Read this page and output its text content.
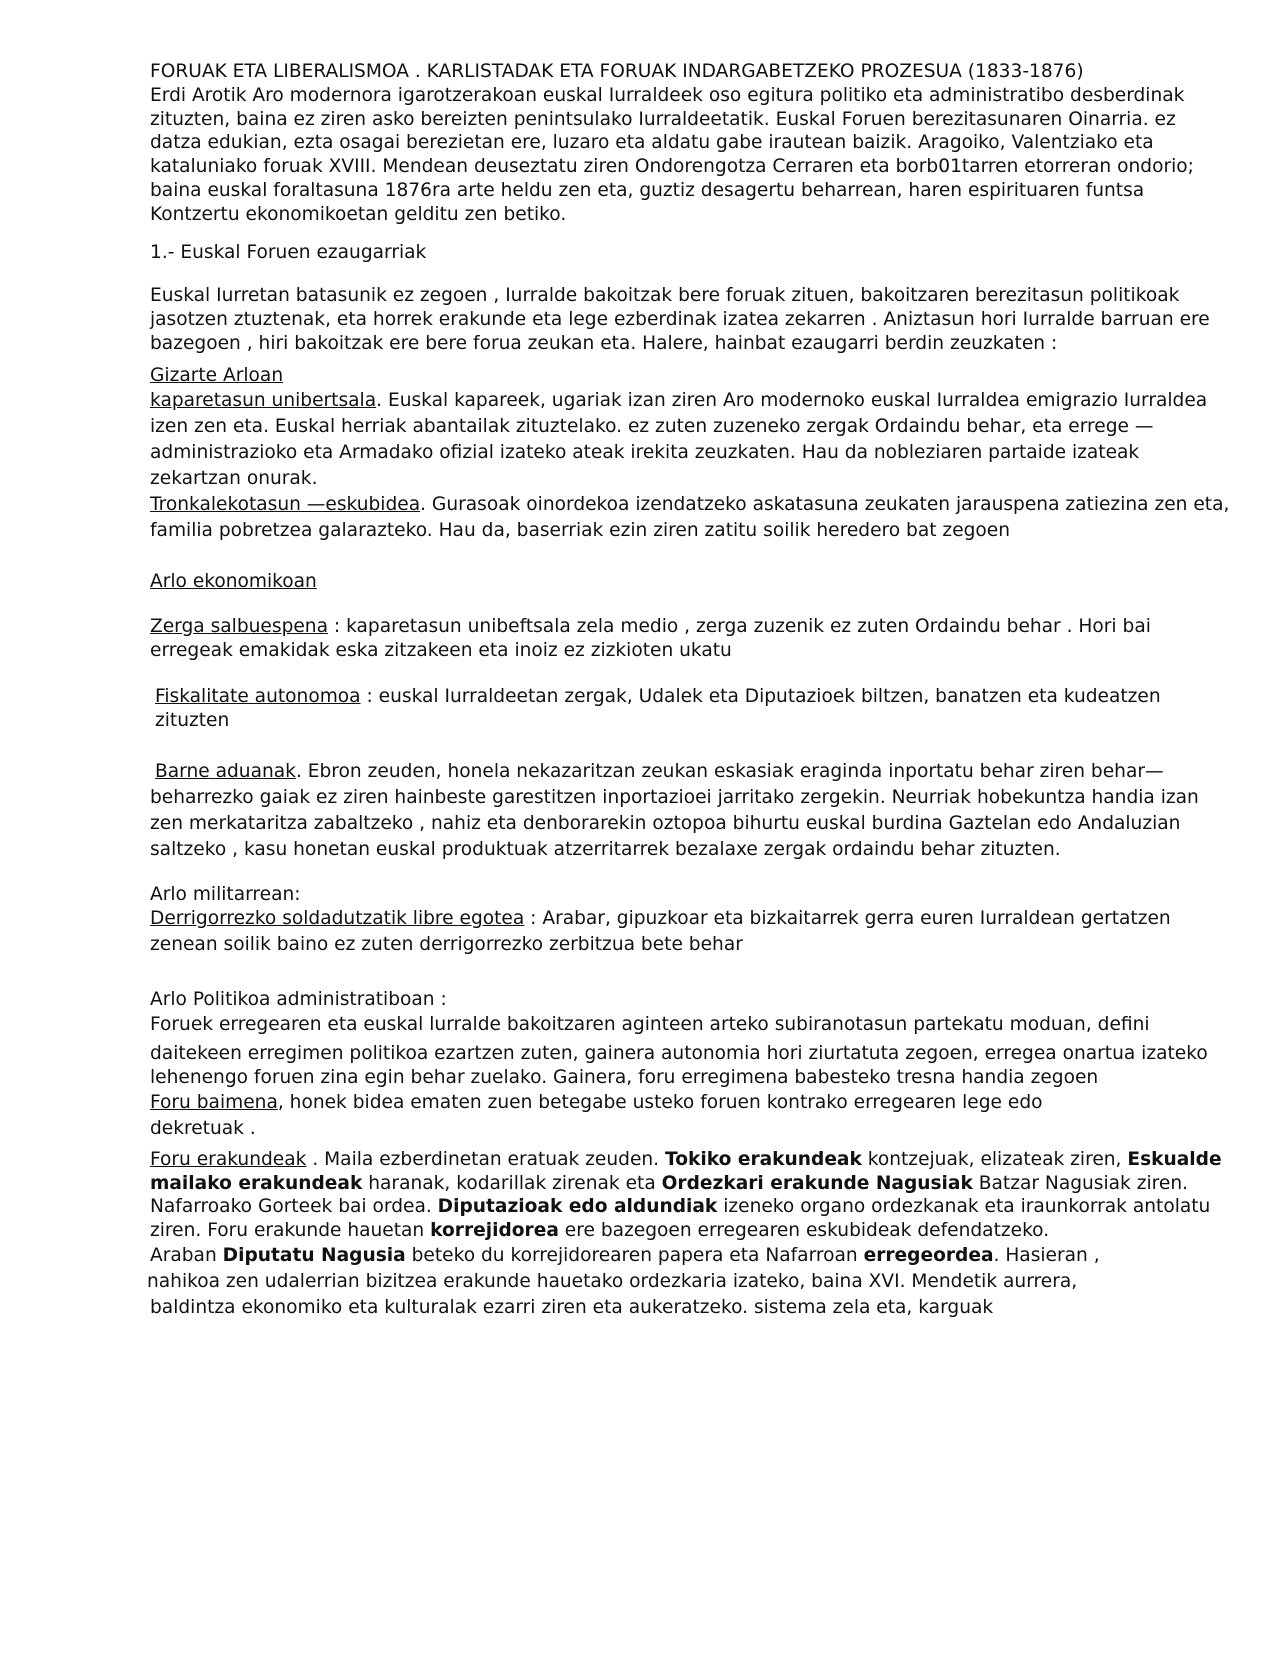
FORUAK ETA LIBERALISMOA . KARLISTADAK ETA FORUAK INDARGABETZEKO PROZESUA (1833-1876)

Erdi Arotik Aro modernora igarotzerakoan euskal Iurraldeek oso egitura politiko eta administratibo desberdinak zituzten, baina ez ziren asko bereizten penintsulako Iurraldeetatik. Euskal Foruen berezitasunaren Oinarria. ez datza edukian, ezta osagai berezietan ere, luzaro eta aldatu gabe irautean baizik. Aragoiko, Valentziako eta kataluniako foruak XVIII. Mendean deuseztatu ziren Ondorengotza Cerraren eta borb01tarren etorreran ondorio; baina euskal foraltasuna 1876ra arte heldu zen eta, guztiz desagertu beharrean, haren espirituaren funtsa Kontzertu ekonomikoetan gelditu zen betiko.

1.- Euskal Foruen ezaugarriak

Euskal Iurretan batasunik ez zegoen , Iurralde bakoitzak bere foruak zituen, bakoitzaren berezitasun politikoak jasotzen ztuztenak, eta horrek erakunde eta lege ezberdinak izatea zekarren . Aniztasun hori Iurralde barruan ere bazegoen , hiri bakoitzak ere bere forua zeukan eta. Halere, hainbat ezaugarri berdin zeuzkaten :

Gizarte Arloan

kaparetasun unibertsala. Euskal kapareek, ugariak izan ziren Aro modernoko euskal Iurraldea emigrazio Iurraldea izen zen eta. Euskal herriak abantailak zituztelako. ez zuten zuzeneko zergak Ordaindu behar, eta errege — administrazioko eta Armadako ofizial izateko ateak irekita zeuzkaten. Hau da nobleziaren partaide izateak zekartzan onurak.

Tronkalekotasun —eskubidea. Gurasoak oinordekoa izendatzeko askatasuna zeukaten jarauspena zatiezina zen eta, familia pobretzea galarazteko. Hau da, baserriak ezin ziren zatitu soilik heredero bat zegoen

Arlo ekonomikoan

Zerga salbuespena : kaparetasun unibeftsala zela medio , zerga zuzenik ez zuten Ordaindu behar . Hori bai erregeak emakidak eska zitzakeen eta inoiz ez zizkioten ukatu

Fiskalitate autonomoa : euskal Iurraldeetan zergak, Udalek eta Diputazioek biltzen, banatzen eta kudeatzen zituzten

Barne aduanak. Ebron zeuden, honela nekazaritzan zeukan eskasiak eraginda inportatu behar ziren behar— beharrezko gaiak ez ziren hainbeste garestitzen inportazioei jarritako zergekin. Neurriak hobekuntza handia izan zen merkataritza zabaltzeko , nahiz eta denborarekin oztopoa bihurtu euskal burdina Gaztelan edo Andaluzian saltzeko , kasu honetan euskal produktuak atzerritarrek bezalaxe zergak ordaindu behar zituzten.

Arlo militarrean:

Derrigorrezko soldadutzatik libre egotea : Arabar, gipuzkoar eta bizkaitarrek gerra euren Iurraldean gertatzen zenean soilik baino ez zuten derrigorrezko zerbitzua bete behar

Arlo Politikoa administratiboan :

Foruek erregearen eta euskal lurralde bakoitzaren aginteen arteko subiranotasun partekatu moduan, defini

daitekeen erregimen politikoa ezartzen zuten, gainera autonomia hori ziurtatuta zegoen, erregea onartua izateko lehenengo foruen zina egin behar zuelako. Gainera, foru erregimena babesteko tresna handia zegoen

Foru baimena, honek bidea ematen zuen betegabe usteko foruen kontrako erregearen lege edo

dekretuak .

Foru erakundeak . Maila ezberdinetan eratuak zeuden. Tokiko erakundeak kontzejuak, elizateak ziren, Eskualde mailako erakundeak haranak, kodarillak zirenak eta Ordezkari erakunde Nagusiak Batzar Nagusiak ziren. Nafarroako Gorteek bai ordea. Diputazioak edo aldundiak izeneko organo ordezkanak eta iraunkorrak antolatu ziren. Foru erakunde hauetan korrejidorea ere bazegoen erregearen eskubideak defendatzeko.

Araban Diputatu Nagusia beteko du korrejidorearen papera eta Nafarroan erregeordea. Hasieran ,

nahikoa zen udalerrian bizitzea erakunde hauetako ordezkaria izateko, baina XVI. Mendetik aurrera,

baldintza ekonomiko eta kulturalak ezarri ziren eta aukeratzeko. sistema zela eta, karguak
